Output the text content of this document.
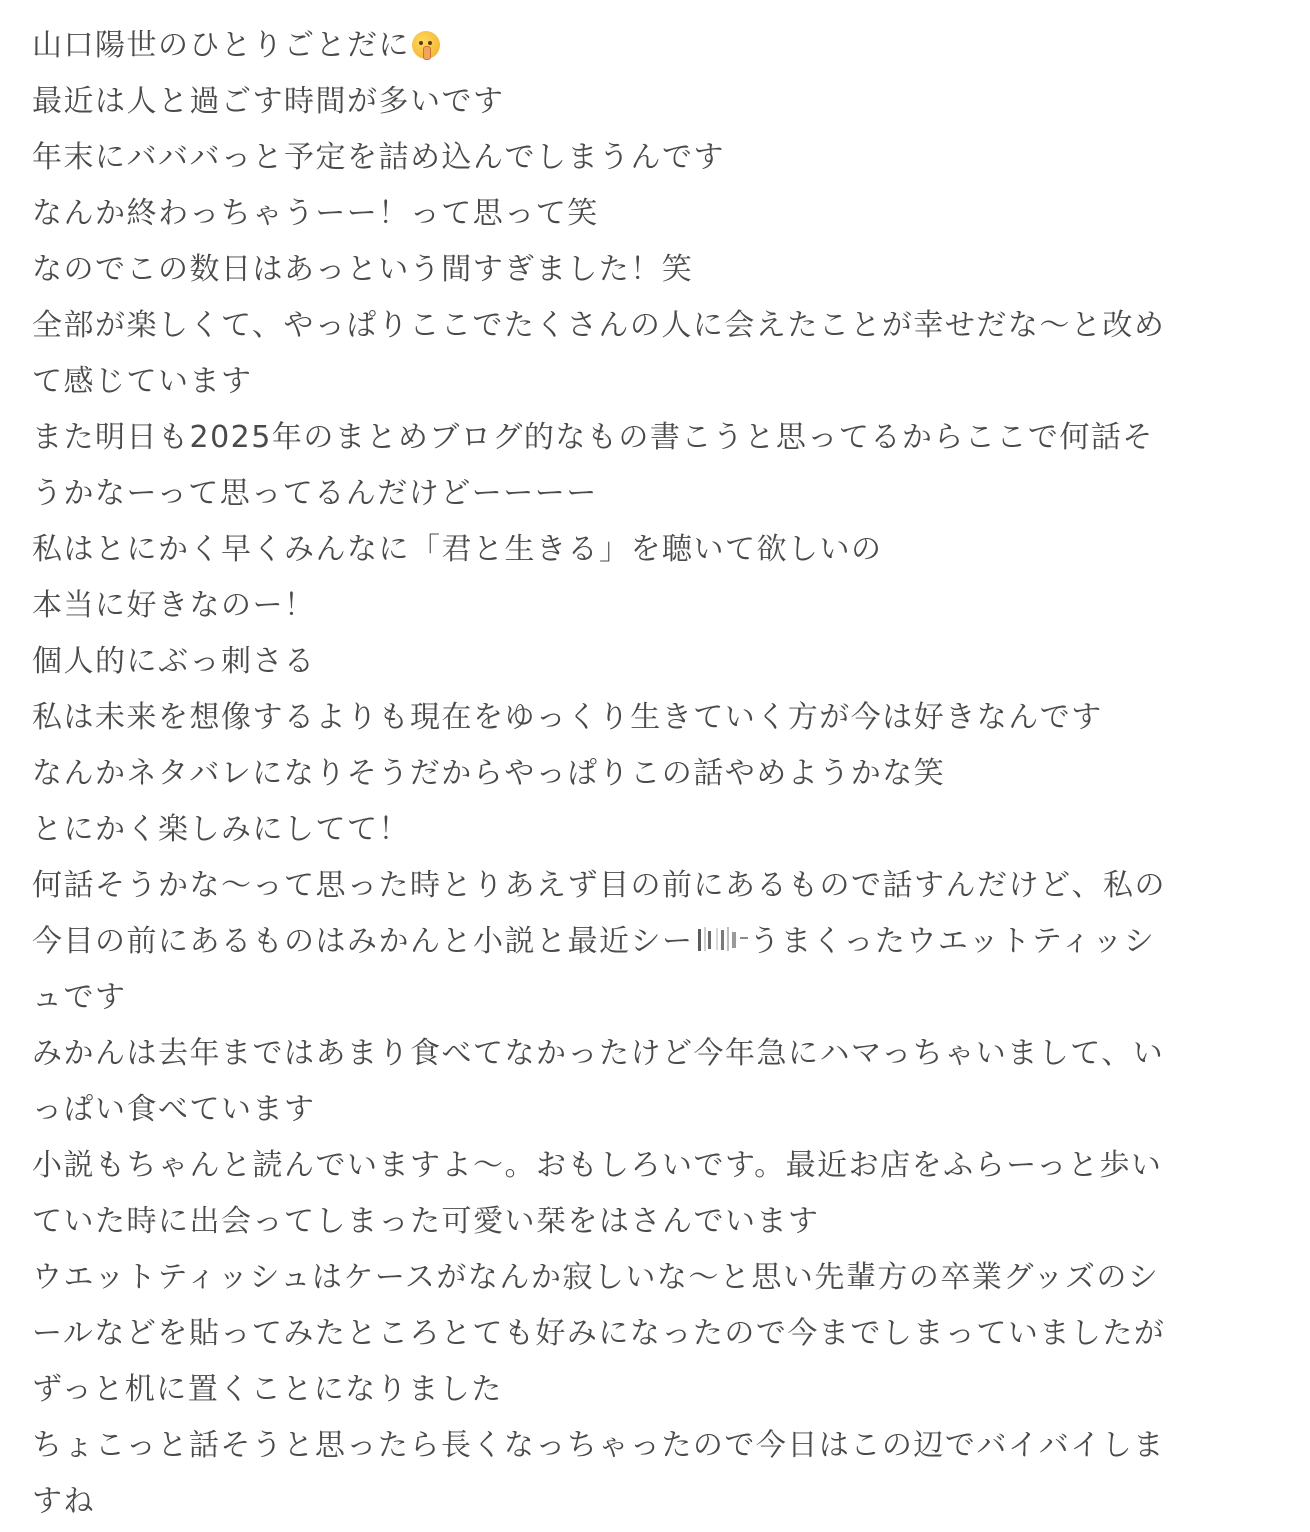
山口陽世のひとりごとだに
最近は人と過ごす時間が多いです
年末にバババっと予定を詰め込んでしまうんです
なんか終わっちゃうーー！って思って笑
なのでこの数日はあっという間すぎました！笑
全部が楽しくて、やっぱりここでたくさんの人に会えたことが幸せだな〜と改め
て感じています
また明日も2025年のまとめブログ的なもの書こうと思ってるからここで何話そ
うかなーって思ってるんだけどーーーー
私はとにかく早くみんなに「君と生きる」を聴いて欲しいの
本当に好きなのー！
個人的にぶっ刺さる
私は未来を想像するよりも現在をゆっくり生きていく方が今は好きなんです
なんかネタバレになりそうだからやっぱりこの話やめようかな笑
とにかく楽しみにしてて！
何話そうかな〜って思った時とりあえず目の前にあるもので話すんだけど、私の
今目の前にあるものはみかんと小説と最近シー うまくったウエットティッシ
ュです
みかんは去年まではあまり食べてなかったけど今年急にハマっちゃいまして、い
っぱい食べています
小説もちゃんと読んでいますよ〜。おもしろいです。最近お店をふらーっと歩い
ていた時に出会ってしまった可愛い栞をはさんでいます
ウエットティッシュはケースがなんか寂しいな〜と思い先輩方の卒業グッズのシ
ールなどを貼ってみたところとても好みになったので今までしまっていましたが
ずっと机に置くことになりました
ちょこっと話そうと思ったら長くなっちゃったので今日はこの辺でバイバイしま
すね
